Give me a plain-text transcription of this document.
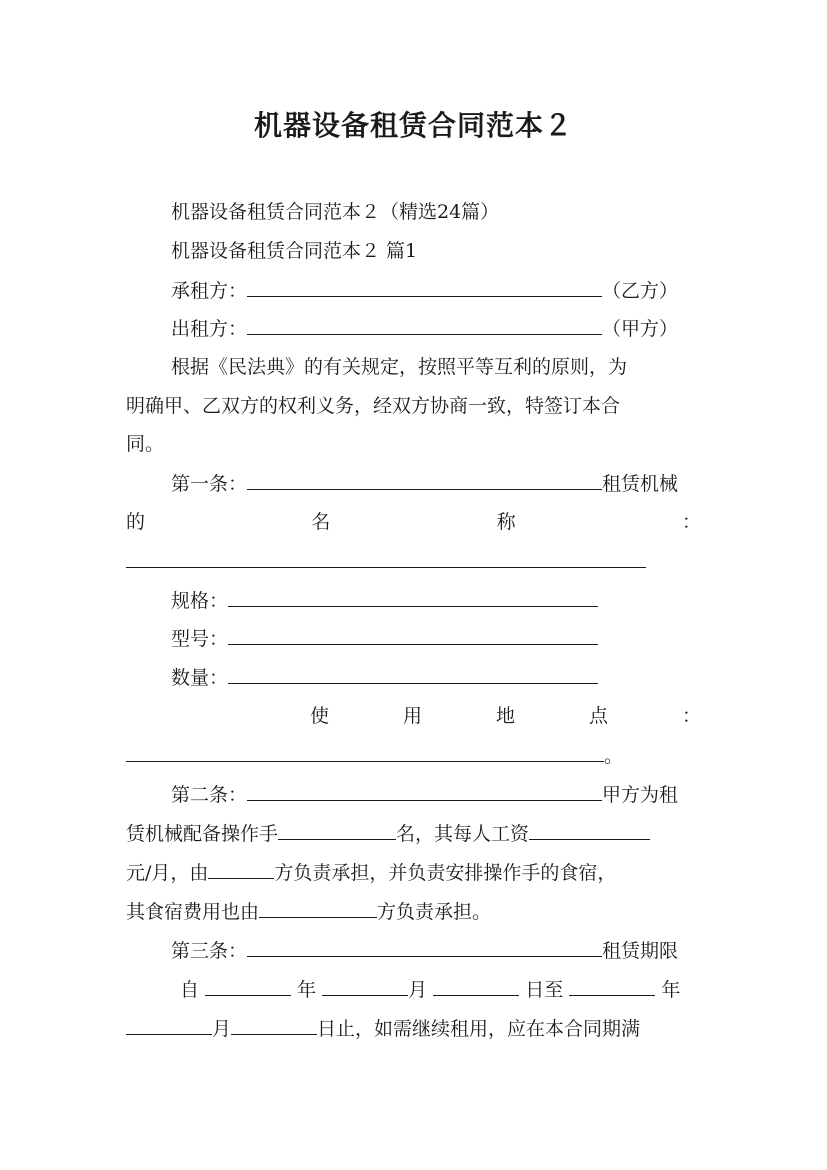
机器设备租赁合同范本２
机器设备租赁合同范本２（精选24篇）
机器设备租赁合同范本２ 篇1
承租方：	（乙方）
出租方：	（甲方）
根据《民法典》的有关规定，按照平等互利的原则，为
明确甲、乙双方的权利义务，经双方协商一致，特签订本合
同。
第一条：	租赁机械
的	名	称	：
规格：
型号：
数量：
使	用	地	点	：
。
第二条：	甲方为租
赁机械配备操作手	名，其每人工资
元/月，由	方负责承担，并负责安排操作手的食宿，
其食宿费用也由	方负责承担。
第三条：	租赁期限
自	年	月	日至	年
月	日止，如需继续租用，应在本合同期满
